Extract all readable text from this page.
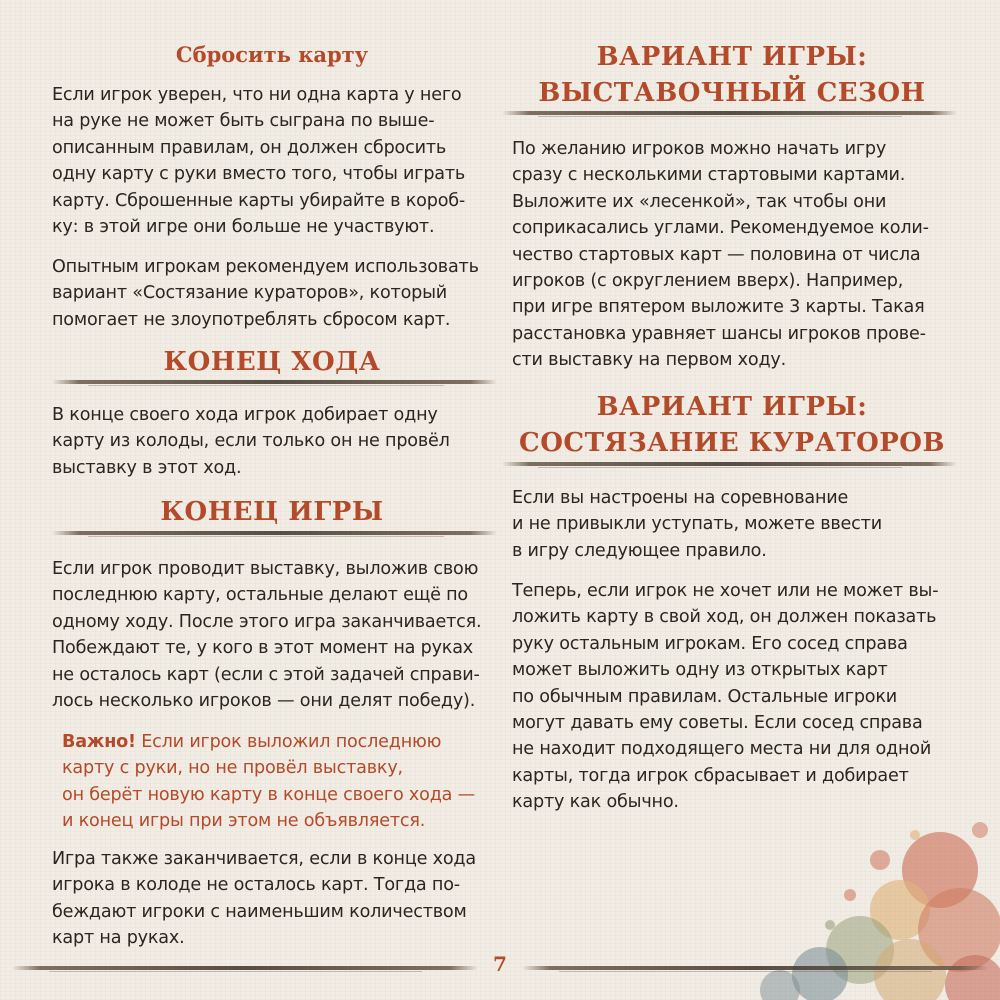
Сбросить карту

Если игрок уверен, что ни одна карта у него

на руке не может быть сыграна по выше-

описанным правилам, он должен сбросить

одну карту с руки вместо того, чтобы играть

карту. Сброшенные карты убирайте в короб-

ку: в этой игре они больше не участвуют.

Опытным игрокам рекомендуем использовать

вариант «Состязание кураторов», который

помогает не злоупотреблять сбросом карт.

КОНЕЦ ХОДА

В конце своего хода игрок добирает одну

карту из колоды, если только он не провёл

выставку в этот ход.

КОНЕЦ ИГРЫ

Если игрок проводит выставку, выложив свою

последнюю карту, остальные делают ещё по

одному ходу. После этого игра заканчивается.

Побеждают те, у кого в этот момент на руках

не осталось карт (если с этой задачей справи-

лось несколько игроков — они делят победу).

Важно! Если игрок выложил последнюю

карту с руки, но не провёл выставку,

он берёт новую карту в конце своего хода —

и конец игры при этом не объявляется.

Игра также заканчивается, если в конце хода

игрока в колоде не осталось карт. Тогда по-

беждают игроки с наименьшим количеством

карт на руках.

ВАРИАНТ ИГРЫ:
ВЫСТАВОЧНЫЙ СЕЗОН

По желанию игроков можно начать игру

сразу с несколькими стартовыми картами.

Выложите их «лесенкой», так чтобы они

соприкасались углами. Рекомендуемое коли-

чество стартовых карт — половина от числа

игроков (с округлением вверх). Например,

при игре впятером выложите 3 карты. Такая

расстановка уравняет шансы игроков прове-

сти выставку на первом ходу.

ВАРИАНТ ИГРЫ:
СОСТЯЗАНИЕ КУРАТОРОВ

Если вы настроены на соревнование

и не привыкли уступать, можете ввести

в игру следующее правило.

Теперь, если игрок не хочет или не может вы-

ложить карту в свой ход, он должен показать

руку остальным игрокам. Его сосед справа

может выложить одну из открытых карт

по обычным правилам. Остальные игроки

могут давать ему советы. Если сосед справа

не находит подходящего места ни для одной

карты, тогда игрок сбрасывает и добирает

карту как обычно.

7
